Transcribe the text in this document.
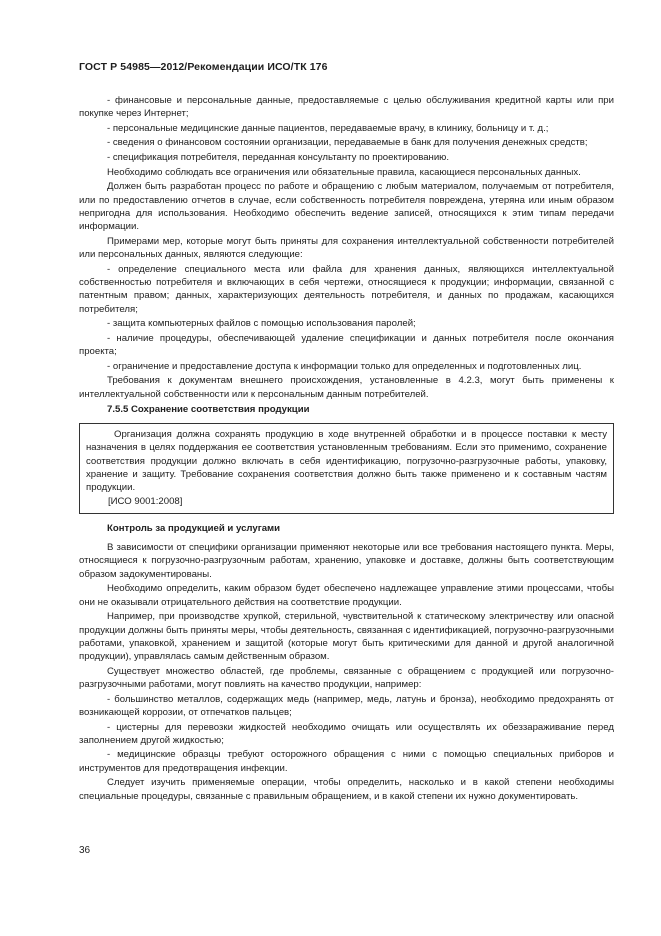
ГОСТ Р 54985—2012/Рекомендации ИСО/ТК 176

- финансовые и персональные данные, предоставляемые с целью обслуживания кредитной карты или при покупке через Интернет;

- персональные медицинские данные пациентов, передаваемые врачу, в клинику, больницу и т. д.;

- сведения о финансовом состоянии организации, передаваемые в банк для получения денежных средств;

- спецификация потребителя, переданная консультанту по проектированию.

Необходимо соблюдать все ограничения или обязательные правила, касающиеся персональных данных.

Должен быть разработан процесс по работе и обращению с любым материалом, получаемым от потребителя, или по предоставлению отчетов в случае, если собственность потребителя повреждена, утеряна или иным образом непригодна для использования. Необходимо обеспечить ведение записей, относящихся к этим типам передачи информации.

Примерами мер, которые могут быть приняты для сохранения интеллектуальной собственности потребителей или персональных данных, являются следующие:

- определение специального места или файла для хранения данных, являющихся интеллектуальной собственностью потребителя и включающих в себя чертежи, относящиеся к продукции; информации, связанной с патентным правом; данных, характеризующих деятельность потребителя, и данных по продажам, касающихся потребителя;

- защита компьютерных файлов с помощью использования паролей;

- наличие процедуры, обеспечивающей удаление спецификации и данных потребителя после окончания проекта;

- ограничение и предоставление доступа к информации только для определенных и подготовленных лиц.

Требования к документам внешнего происхождения, установленные в 4.2.3, могут быть применены к интеллектуальной собственности или к персональным данным потребителей.

7.5.5 Сохранение соответствия продукции

Организация должна сохранять продукцию в ходе внутренней обработки и в процессе поставки к месту назначения в целях поддержания ее соответствия установленным требованиям. Если это применимо, сохранение соответствия продукции должно включать в себя идентификацию, погрузочно-разгрузочные работы, упаковку, хранение и защиту. Требование сохранения соответствия должно быть также применено и к составным частям продукции.

[ИСО 9001:2008]

Контроль за продукцией и услугами

В зависимости от специфики организации применяют некоторые или все требования настоящего пункта. Меры, относящиеся к погрузочно-разгрузочным работам, хранению, упаковке и доставке, должны быть соответствующим образом задокументированы.

Необходимо определить, каким образом будет обеспечено надлежащее управление этими процессами, чтобы они не оказывали отрицательного действия на соответствие продукции.

Например, при производстве хрупкой, стерильной, чувствительной к статическому электричеству или опасной продукции должны быть приняты меры, чтобы деятельность, связанная с идентификацией, погрузочно-разгрузочными работами, упаковкой, хранением и защитой (которые могут быть критическими для данной и другой аналогичной продукции), управлялась самым действенным образом.

Существует множество областей, где проблемы, связанные с обращением с продукцией или погрузочно-разгрузочными работами, могут повлиять на качество продукции, например:

- большинство металлов, содержащих медь (например, медь, латунь и бронза), необходимо предохранять от возникающей коррозии, от отпечатков пальцев;

- цистерны для перевозки жидкостей необходимо очищать или осуществлять их обеззараживание перед заполнением другой жидкостью;

- медицинские образцы требуют осторожного обращения с ними с помощью специальных приборов и инструментов для предотвращения инфекции.

Следует изучить применяемые операции, чтобы определить, насколько и в какой степени необходимы специальные процедуры, связанные с правильным обращением, и в какой степени их нужно документировать.

36
